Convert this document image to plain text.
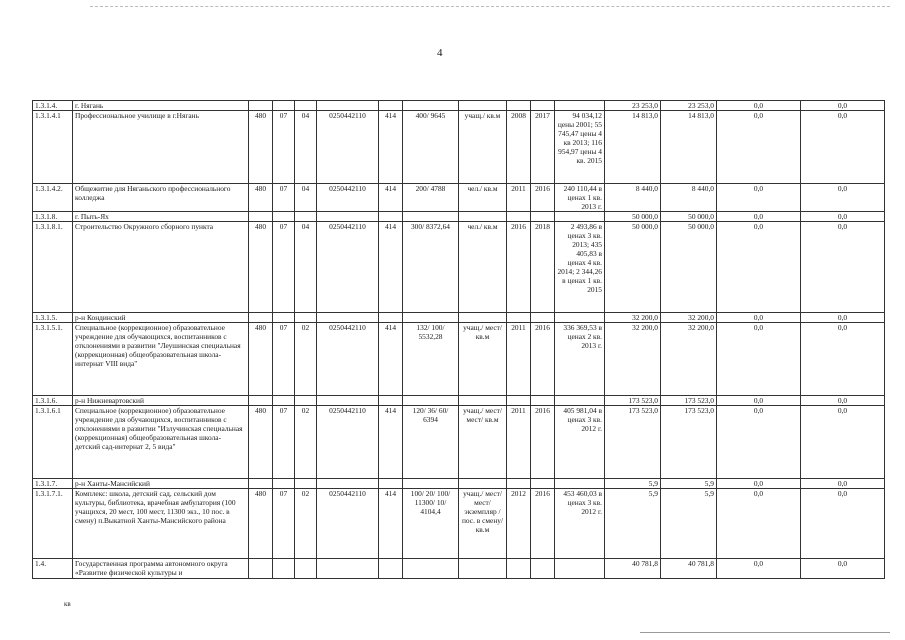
4
1.3.1.4.	г. Нягань											23 253,0	23 253,0	0,0	0,0
1.3.1.4.1	Профессиональное училище в г.Нягань	480	07	04	0250442110	414	400/ 9645	учащ./ кв.м	2008	2017	94 034,12 цены 2001; 55 745,47 цены 4 кв 2013; 116 954,97 цены 4 кв. 2015	14 813,0	14 813,0	0,0	0,0
1.3.1.4.2.	Общежитие для Няганьского профессионального колледжа	480	07	04	0250442110	414	200/ 4788	чел./ кв.м	2011	2016	240 110,44 в ценах 1 кв. 2013 г.	8 440,0	8 440,0	0,0	0,0
1.3.1.8.	г. Пыть-Ях											50 000,0	50 000,0	0,0	0,0
1.3.1.8.1.	Строительство Окружного сборного пункта	480	07	04	0250442110	414	300/ 8372,64	чел./ кв.м	2016	2018	2 493,86 в ценах 3 кв. 2013; 435 405,83 в ценах 4 кв. 2014; 2 344,26 в ценах 1 кв. 2015	50 000,0	50 000,0	0,0	0,0
1.3.1.5.	р-н Кондинский											32 200,0	32 200,0	0,0	0,0
1.3.1.5.1.	Специальное (коррекционное) образовательное учреждение для обучающихся, воспитанников с отклонениями в развитии "Леушинская специальная (коррекционная) общеобразовательная школа-интернат VIII вида"	480	07	02	0250442110	414	132/ 100/ 5532,28	учащ./ мест/ кв.м	2011	2016	336 369,53 в ценах 2 кв. 2013 г.	32 200,0	32 200,0	0,0	0,0
1.3.1.6.	р-н Нижневартовский											173 523,0	173 523,0	0,0	0,0
1.3.1.6.1	Специальное (коррекционное) образовательное учреждение для обучающихся, воспитанников с отклонениями в развитии "Излучинская специальная (коррекционная) общеобразовательная школа-детский сад-интернат 2, 5 вида"	480	07	02	0250442110	414	120/ 36/ 60/ 6394	учащ./ мест/ мест/ кв.м	2011	2016	405 981,04 в ценах 3 кв. 2012 г.	173 523,0	173 523,0	0,0	0,0
1.3.1.7.	р-н Ханты-Мансийский											5,9	5,9	0,0	0,0
1.3.1.7.1.	Комплекс: школа, детский сад, сельский дом культуры, библиотека, врачебная амбулатория (100 учащихся, 20 мест, 100 мест, 11300 экз., 10 пос. в смену) п.Выкатной Ханты-Мансийского района	480	07	02	0250442110	414	100/ 20/ 100/ 11300/ 10/ 4104,4	учащ./ мест/ мест/ экземпляр / пос. в смену/ кв.м	2012	2016	453 460,03 в ценах 3 кв. 2012 г.	5,9	5,9	0,0	0,0
1.4.	Государственная программа автономного округа «Развитие физической культуры и											40 781,8	40 781,8	0,0	0,0
кв
